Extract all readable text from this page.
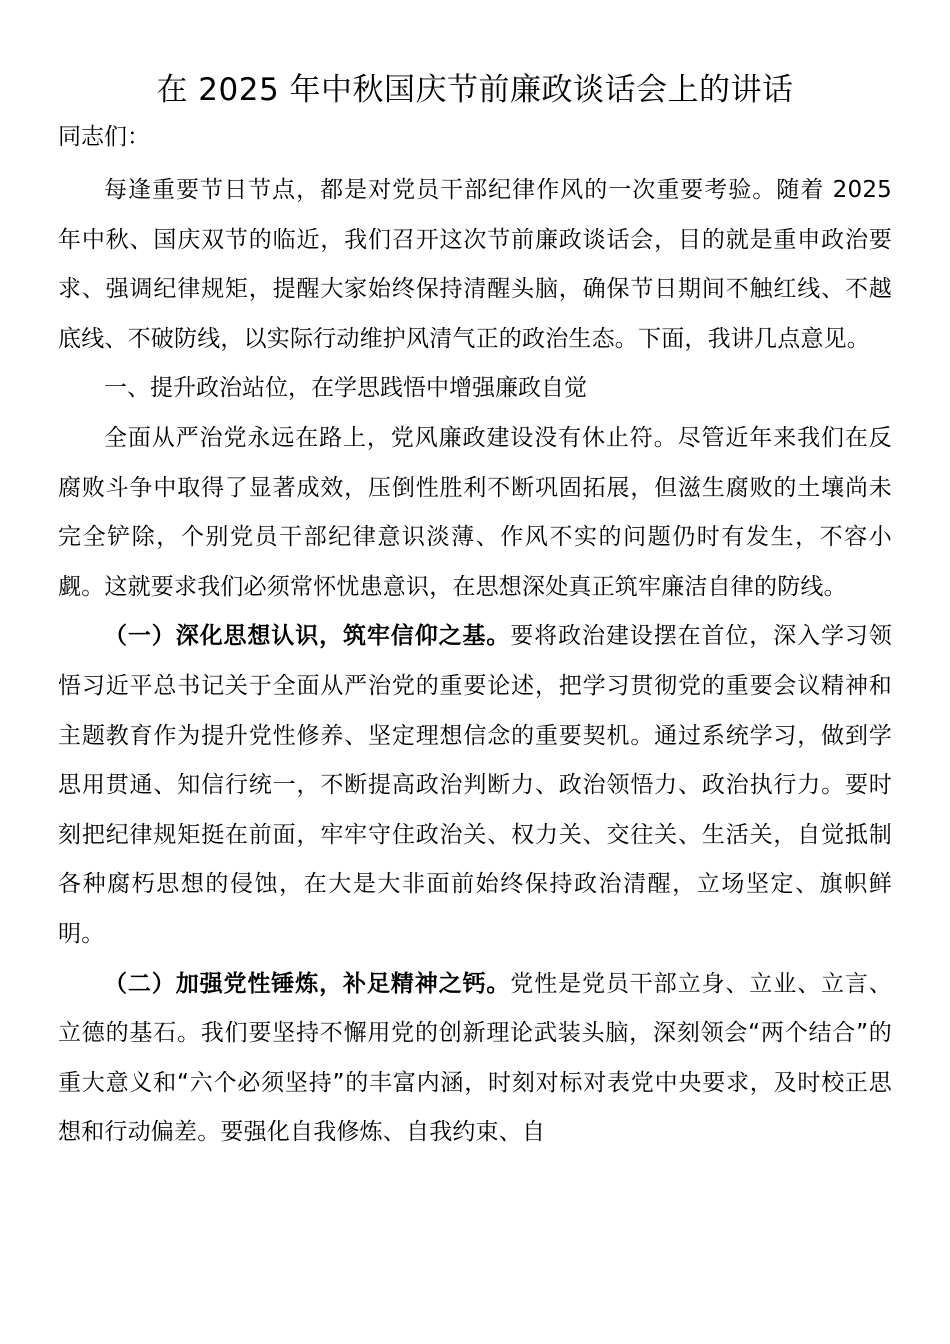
在 2025 年中秋国庆节前廉政谈话会上的讲话

同志们：

每逢重要节日节点，都是对党员干部纪律作风的一次重要考验。随着 2025 年中秋、国庆双节的临近，我们召开这次节前廉政谈话会，目的就是重申政治要求、强调纪律规矩，提醒大家始终保持清醒头脑，确保节日期间不触红线、不越底线、不破防线，以实际行动维护风清气正的政治生态。下面，我讲几点意见。

一、提升政治站位，在学思践悟中增强廉政自觉

全面从严治党永远在路上，党风廉政建设没有休止符。尽管近年来我们在反腐败斗争中取得了显著成效，压倒性胜利不断巩固拓展，但滋生腐败的土壤尚未完全铲除，个别党员干部纪律意识淡薄、作风不实的问题仍时有发生，不容小觑。这就要求我们必须常怀忧患意识，在思想深处真正筑牢廉洁自律的防线。

（一）深化思想认识，筑牢信仰之基。要将政治建设摆在首位，深入学习领悟习近平总书记关于全面从严治党的重要论述，把学习贯彻党的重要会议精神和主题教育作为提升党性修养、坚定理想信念的重要契机。通过系统学习，做到学思用贯通、知信行统一，不断提高政治判断力、政治领悟力、政治执行力。要时刻把纪律规矩挺在前面，牢牢守住政治关、权力关、交往关、生活关，自觉抵制各种腐朽思想的侵蚀，在大是大非面前始终保持政治清醒，立场坚定、旗帜鲜明。

（二）加强党性锤炼，补足精神之钙。党性是党员干部立身、立业、立言、立德的基石。我们要坚持不懈用党的创新理论武装头脑，深刻领会“两个结合”的重大意义和“六个必须坚持”的丰富内涵，时刻对标对表党中央要求，及时校正思想和行动偏差。要强化自我修炼、自我约束、自
